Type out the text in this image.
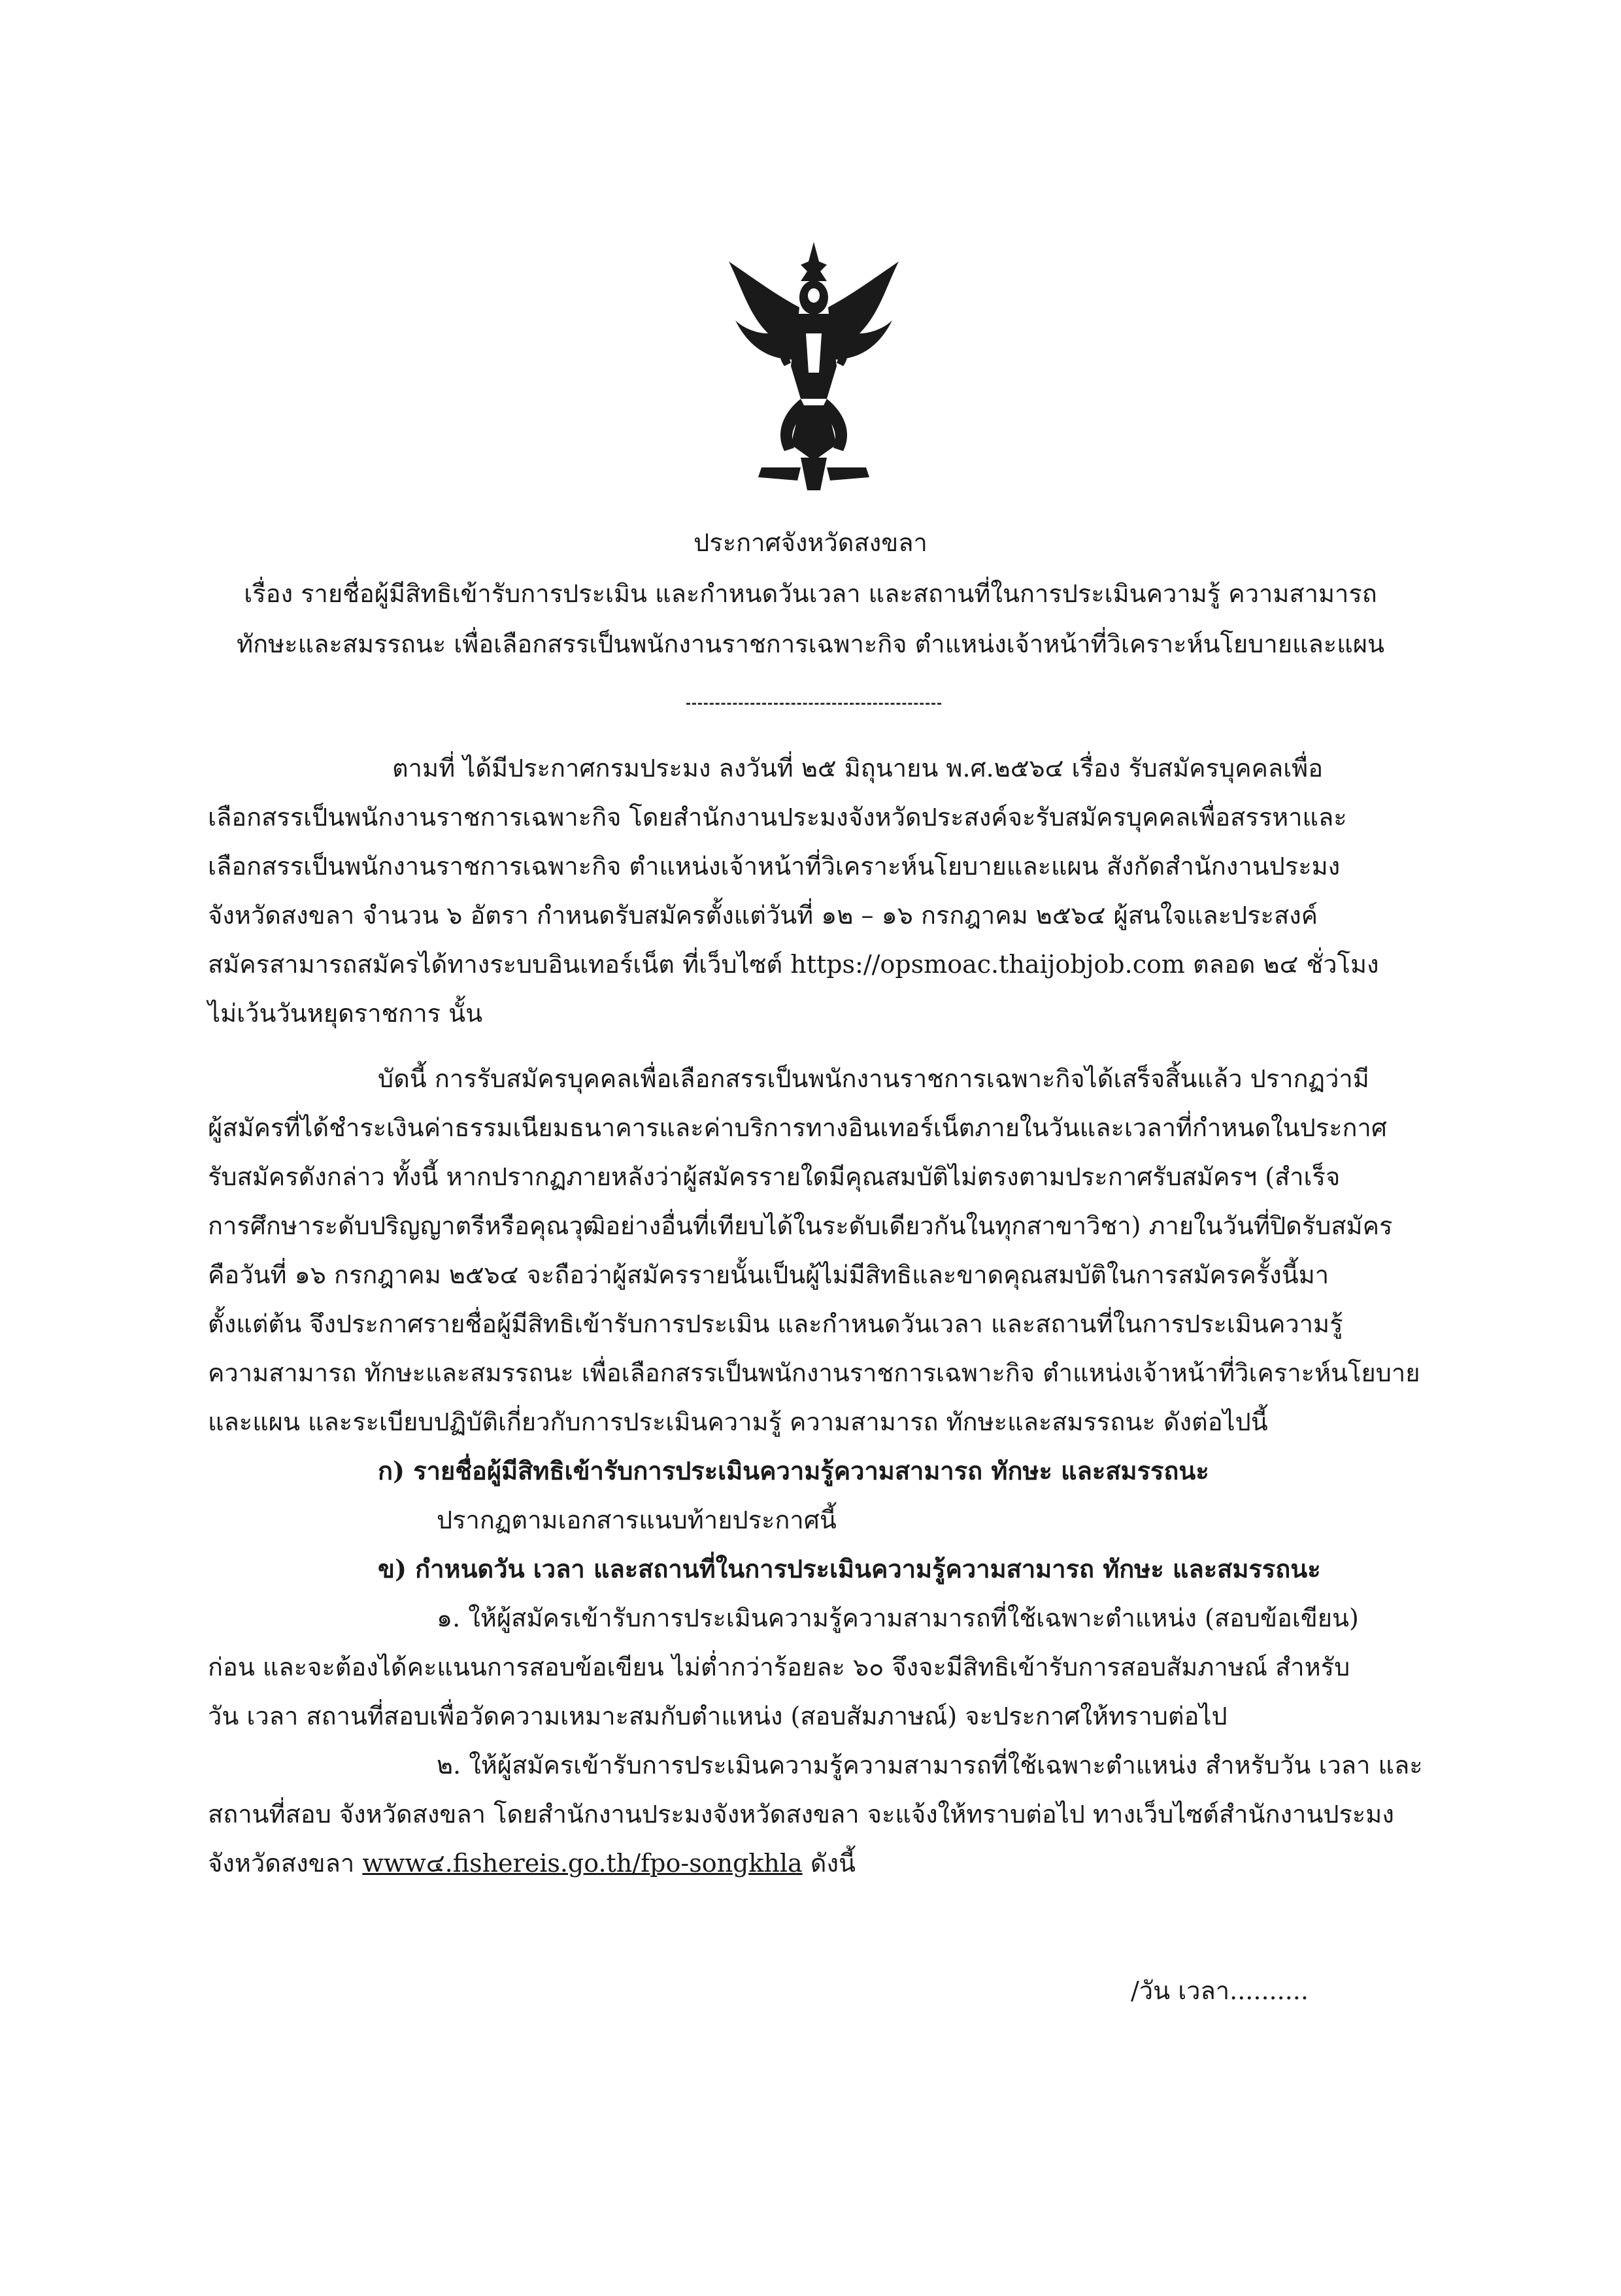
ประกาศจังหวัดสงขลา
เรื่อง รายชื่อผู้มีสิทธิเข้ารับการประเมิน และกำหนดวันเวลา และสถานที่ในการประเมินความรู้ ความสามารถ
ทักษะและสมรรถนะ เพื่อเลือกสรรเป็นพนักงานราชการเฉพาะกิจ ตำแหน่งเจ้าหน้าที่วิเคราะห์นโยบายและแผน
ตามที่ ได้มีประกาศกรมประมง ลงวันที่ ๒๕ มิถุนายน พ.ศ.๒๕๖๔ เรื่อง รับสมัครบุคคลเพื่อ
เลือกสรรเป็นพนักงานราชการเฉพาะกิจ โดยสำนักงานประมงจังหวัดประสงค์จะรับสมัครบุคคลเพื่อสรรหาและ
เลือกสรรเป็นพนักงานราชการเฉพาะกิจ ตำแหน่งเจ้าหน้าที่วิเคราะห์นโยบายและแผน สังกัดสำนักงานประมง
จังหวัดสงขลา จำนวน ๖ อัตรา กำหนดรับสมัครตั้งแต่วันที่ ๑๒ – ๑๖ กรกฎาคม ๒๕๖๔ ผู้สนใจและประสงค์
สมัครสามารถสมัครได้ทางระบบอินเทอร์เน็ต ที่เว็บไซต์ https://opsmoac.thaijobjob.com ตลอด ๒๔ ชั่วโมง
ไม่เว้นวันหยุดราชการ นั้น
บัดนี้ การรับสมัครบุคคลเพื่อเลือกสรรเป็นพนักงานราชการเฉพาะกิจได้เสร็จสิ้นแล้ว ปรากฏว่ามี
ผู้สมัครที่ได้ชำระเงินค่าธรรมเนียมธนาคารและค่าบริการทางอินเทอร์เน็ตภายในวันและเวลาที่กำหนดในประกาศ
รับสมัครดังกล่าว ทั้งนี้ หากปรากฏภายหลังว่าผู้สมัครรายใดมีคุณสมบัติไม่ตรงตามประกาศรับสมัครฯ (สำเร็จ
การศึกษาระดับปริญญาตรีหรือคุณวุฒิอย่างอื่นที่เทียบได้ในระดับเดียวกันในทุกสาขาวิชา) ภายในวันที่ปิดรับสมัคร
คือวันที่ ๑๖ กรกฎาคม ๒๕๖๔ จะถือว่าผู้สมัครรายนั้นเป็นผู้ไม่มีสิทธิและขาดคุณสมบัติในการสมัครครั้งนี้มา
ตั้งแต่ต้น จึงประกาศรายชื่อผู้มีสิทธิเข้ารับการประเมิน และกำหนดวันเวลา และสถานที่ในการประเมินความรู้
ความสามารถ ทักษะและสมรรถนะ เพื่อเลือกสรรเป็นพนักงานราชการเฉพาะกิจ ตำแหน่งเจ้าหน้าที่วิเคราะห์นโยบาย
และแผน และระเบียบปฏิบัติเกี่ยวกับการประเมินความรู้ ความสามารถ ทักษะและสมรรถนะ ดังต่อไปนี้
ก) รายชื่อผู้มีสิทธิเข้ารับการประเมินความรู้ความสามารถ ทักษะ และสมรรถนะ
ปรากฏตามเอกสารแนบท้ายประกาศนี้
ข) กำหนดวัน เวลา และสถานที่ในการประเมินความรู้ความสามารถ ทักษะ และสมรรถนะ
๑. ให้ผู้สมัครเข้ารับการประเมินความรู้ความสามารถที่ใช้เฉพาะตำแหน่ง (สอบข้อเขียน)
ก่อน และจะต้องได้คะแนนการสอบข้อเขียน ไม่ต่ำกว่าร้อยละ ๖๐ จึงจะมีสิทธิเข้ารับการสอบสัมภาษณ์ สำหรับ
วัน เวลา สถานที่สอบเพื่อวัดความเหมาะสมกับตำแหน่ง (สอบสัมภาษณ์) จะประกาศให้ทราบต่อไป
๒. ให้ผู้สมัครเข้ารับการประเมินความรู้ความสามารถที่ใช้เฉพาะตำแหน่ง สำหรับวัน เวลา และ
สถานที่สอบ จังหวัดสงขลา โดยสำนักงานประมงจังหวัดสงขลา จะแจ้งให้ทราบต่อไป ทางเว็บไซต์สำนักงานประมง
จังหวัดสงขลา www๔.fishereis.go.th/fpo-songkhla ดังนี้
/วัน เวลา..........
